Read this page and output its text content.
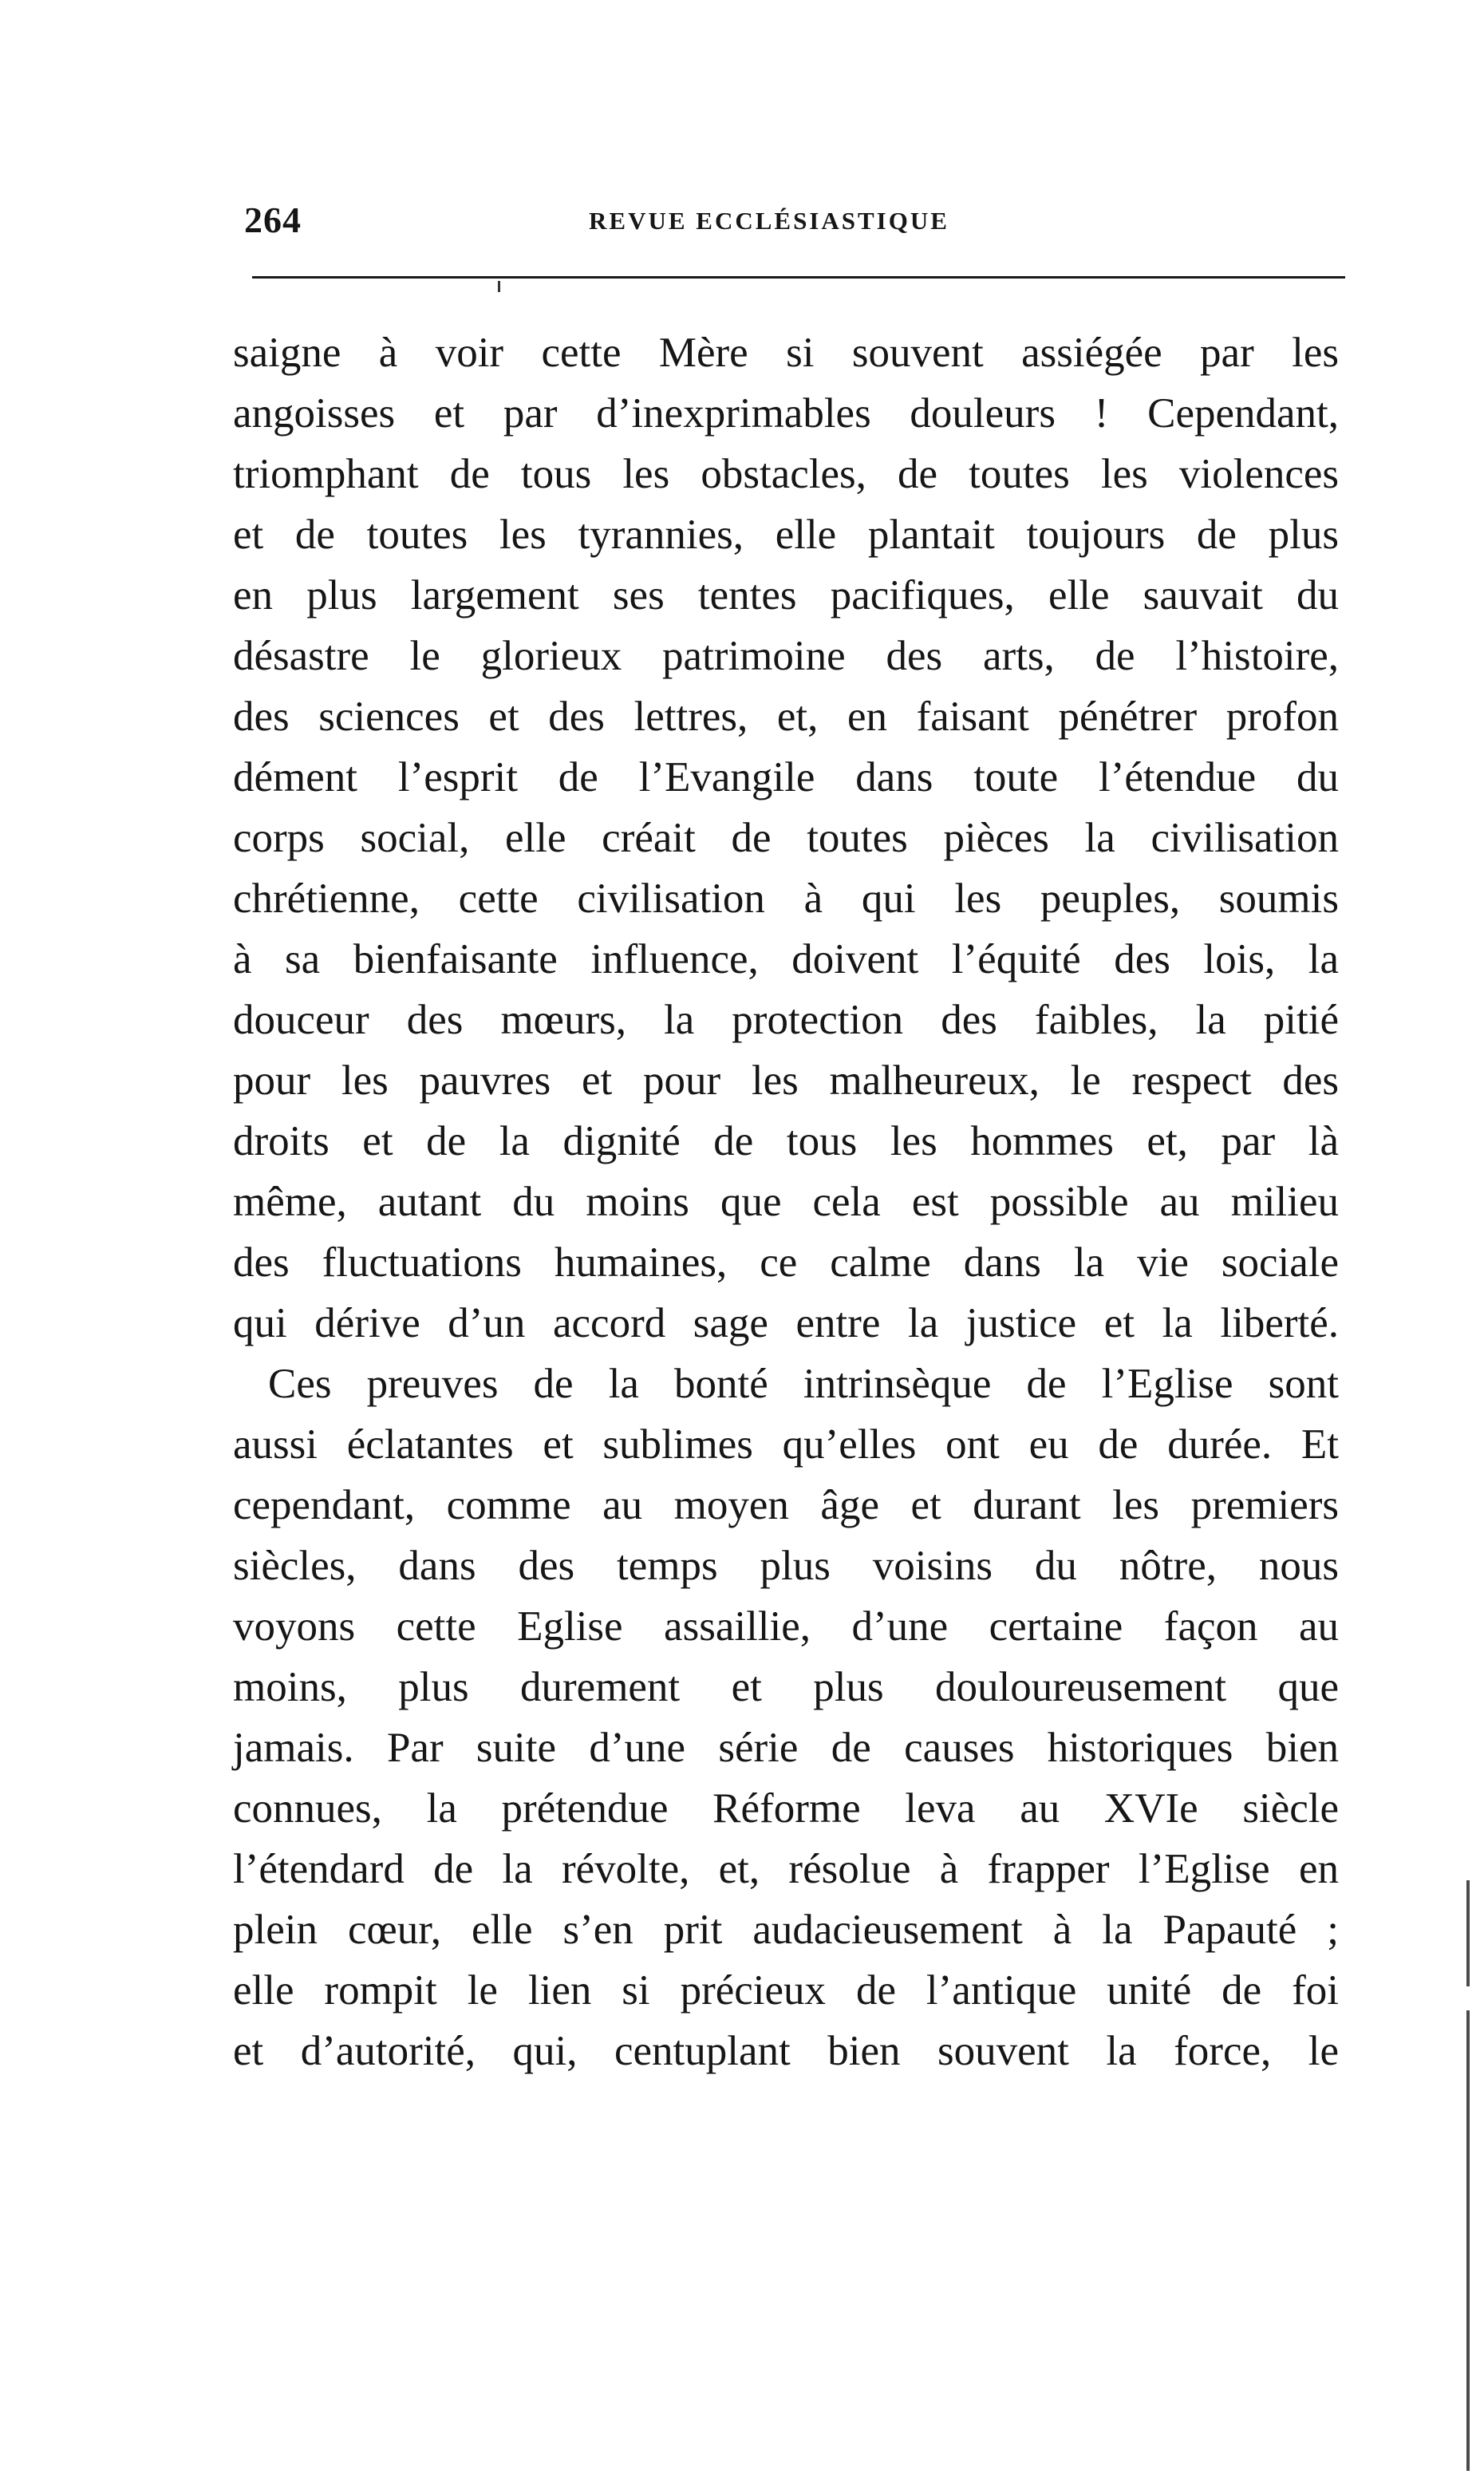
264	REVUE ECCLÉSIASTIQUE
saigne à voir cette Mère si souvent assiégée par les
angoisses et par d’inexprimables douleurs ! Cependant,
triomphant de tous les obstacles, de toutes les violences
et de toutes les tyrannies, elle plantait toujours de plus
en plus largement ses tentes pacifiques, elle sauvait du
désastre le glorieux patrimoine des arts, de l’histoire,
des sciences et des lettres, et, en faisant pénétrer profon
dément l’esprit de l’Evangile dans toute l’étendue du
corps social, elle créait de toutes pièces la civilisation
chrétienne, cette civilisation à qui les peuples, soumis
à sa bienfaisante influence, doivent l’équité des lois, la
douceur des mœurs, la protection des faibles, la pitié
pour les pauvres et pour les malheureux, le respect des
droits et de la dignité de tous les hommes et, par là
même, autant du moins que cela est possible au milieu
des fluctuations humaines, ce calme dans la vie sociale
qui dérive d’un accord sage entre la justice et la liberté.
Ces preuves de la bonté intrinsèque de l’Eglise sont
aussi éclatantes et sublimes qu’elles ont eu de durée. Et
cependant, comme au moyen âge et durant les premiers
siècles, dans des temps plus voisins du nôtre, nous
voyons cette Eglise assaillie, d’une certaine façon au
moins, plus durement et plus douloureusement que
jamais. Par suite d’une série de causes historiques bien
connues, la prétendue Réforme leva au XVIe siècle
l’étendard de la révolte, et, résolue à frapper l’Eglise en
plein cœur, elle s’en prit audacieusement à la Papauté ;
elle rompit le lien si précieux de l’antique unité de foi
et d’autorité, qui, centuplant bien souvent la force, le
